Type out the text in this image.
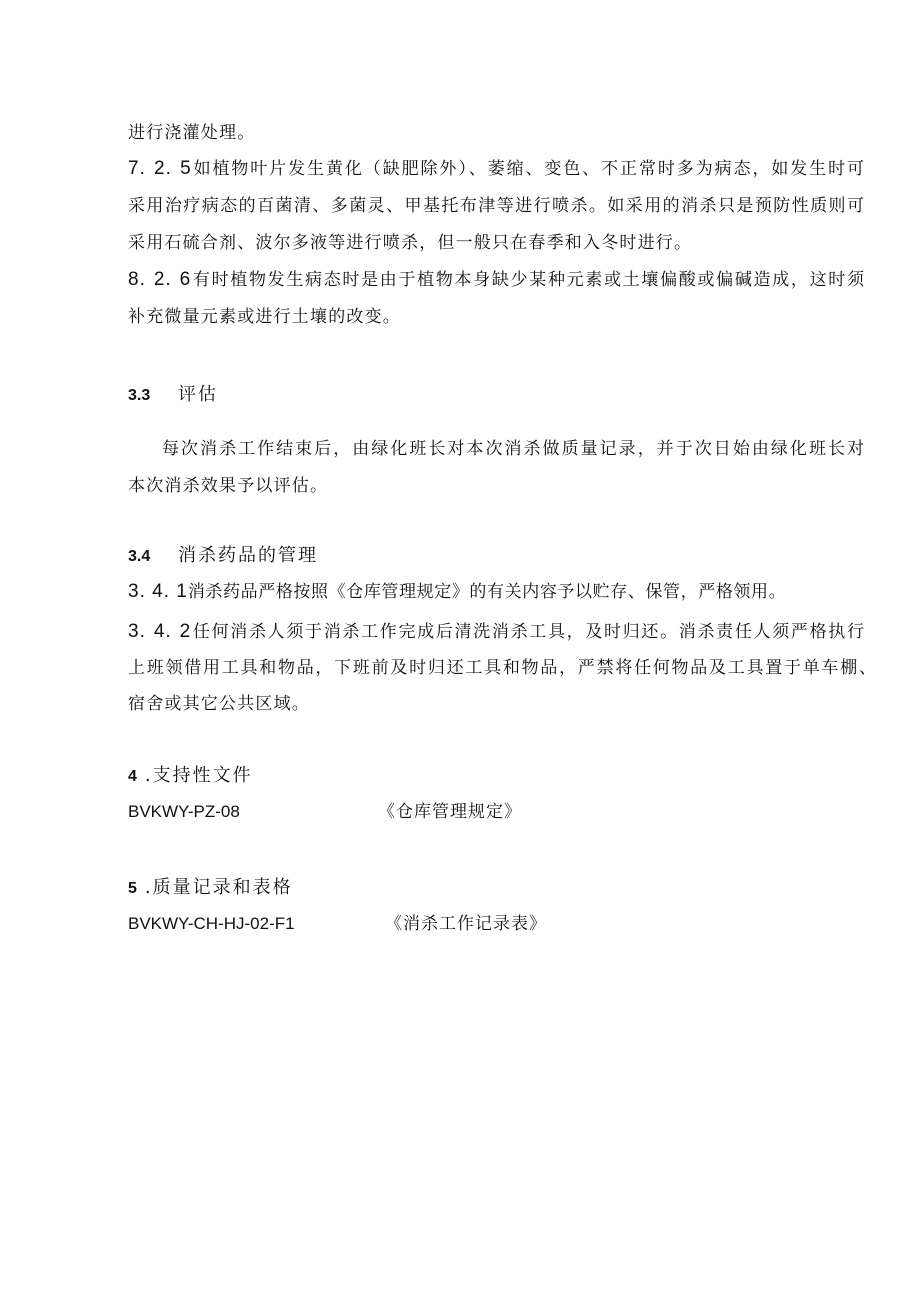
进行浇灌处理。
7. 2. 5如植物叶片发生黄化（缺肥除外）、萎缩、变色、不正常时多为病态，如发生时可
采用治疗病态的百菌清、多菌灵、甲基托布津等进行喷杀。如采用的消杀只是预防性质则可
采用石硫合剂、波尔多液等进行喷杀，但一般只在春季和入冬时进行。
8. 2. 6有时植物发生病态时是由于植物本身缺少某种元素或土壤偏酸或偏碱造成，这时须
补充微量元素或进行土壤的改变。
3.3 评估
每次消杀工作结束后，由绿化班长对本次消杀做质量记录，并于次日始由绿化班长对
本次消杀效果予以评估。
3.4 消杀药品的管理
3. 4. 1消杀药品严格按照《仓库管理规定》的有关内容予以贮存、保管，严格领用。
3. 4. 2任何消杀人须于消杀工作完成后清洗消杀工具，及时归还。消杀责任人须严格执行
上班领借用工具和物品，下班前及时归还工具和物品，严禁将任何物品及工具置于单车棚、
宿舍或其它公共区域。
4 .支持性文件
BVKWY-PZ-08	《仓库管理规定》
5 .质量记录和表格
BVKWY-CH-HJ-02-F1	《消杀工作记录表》
